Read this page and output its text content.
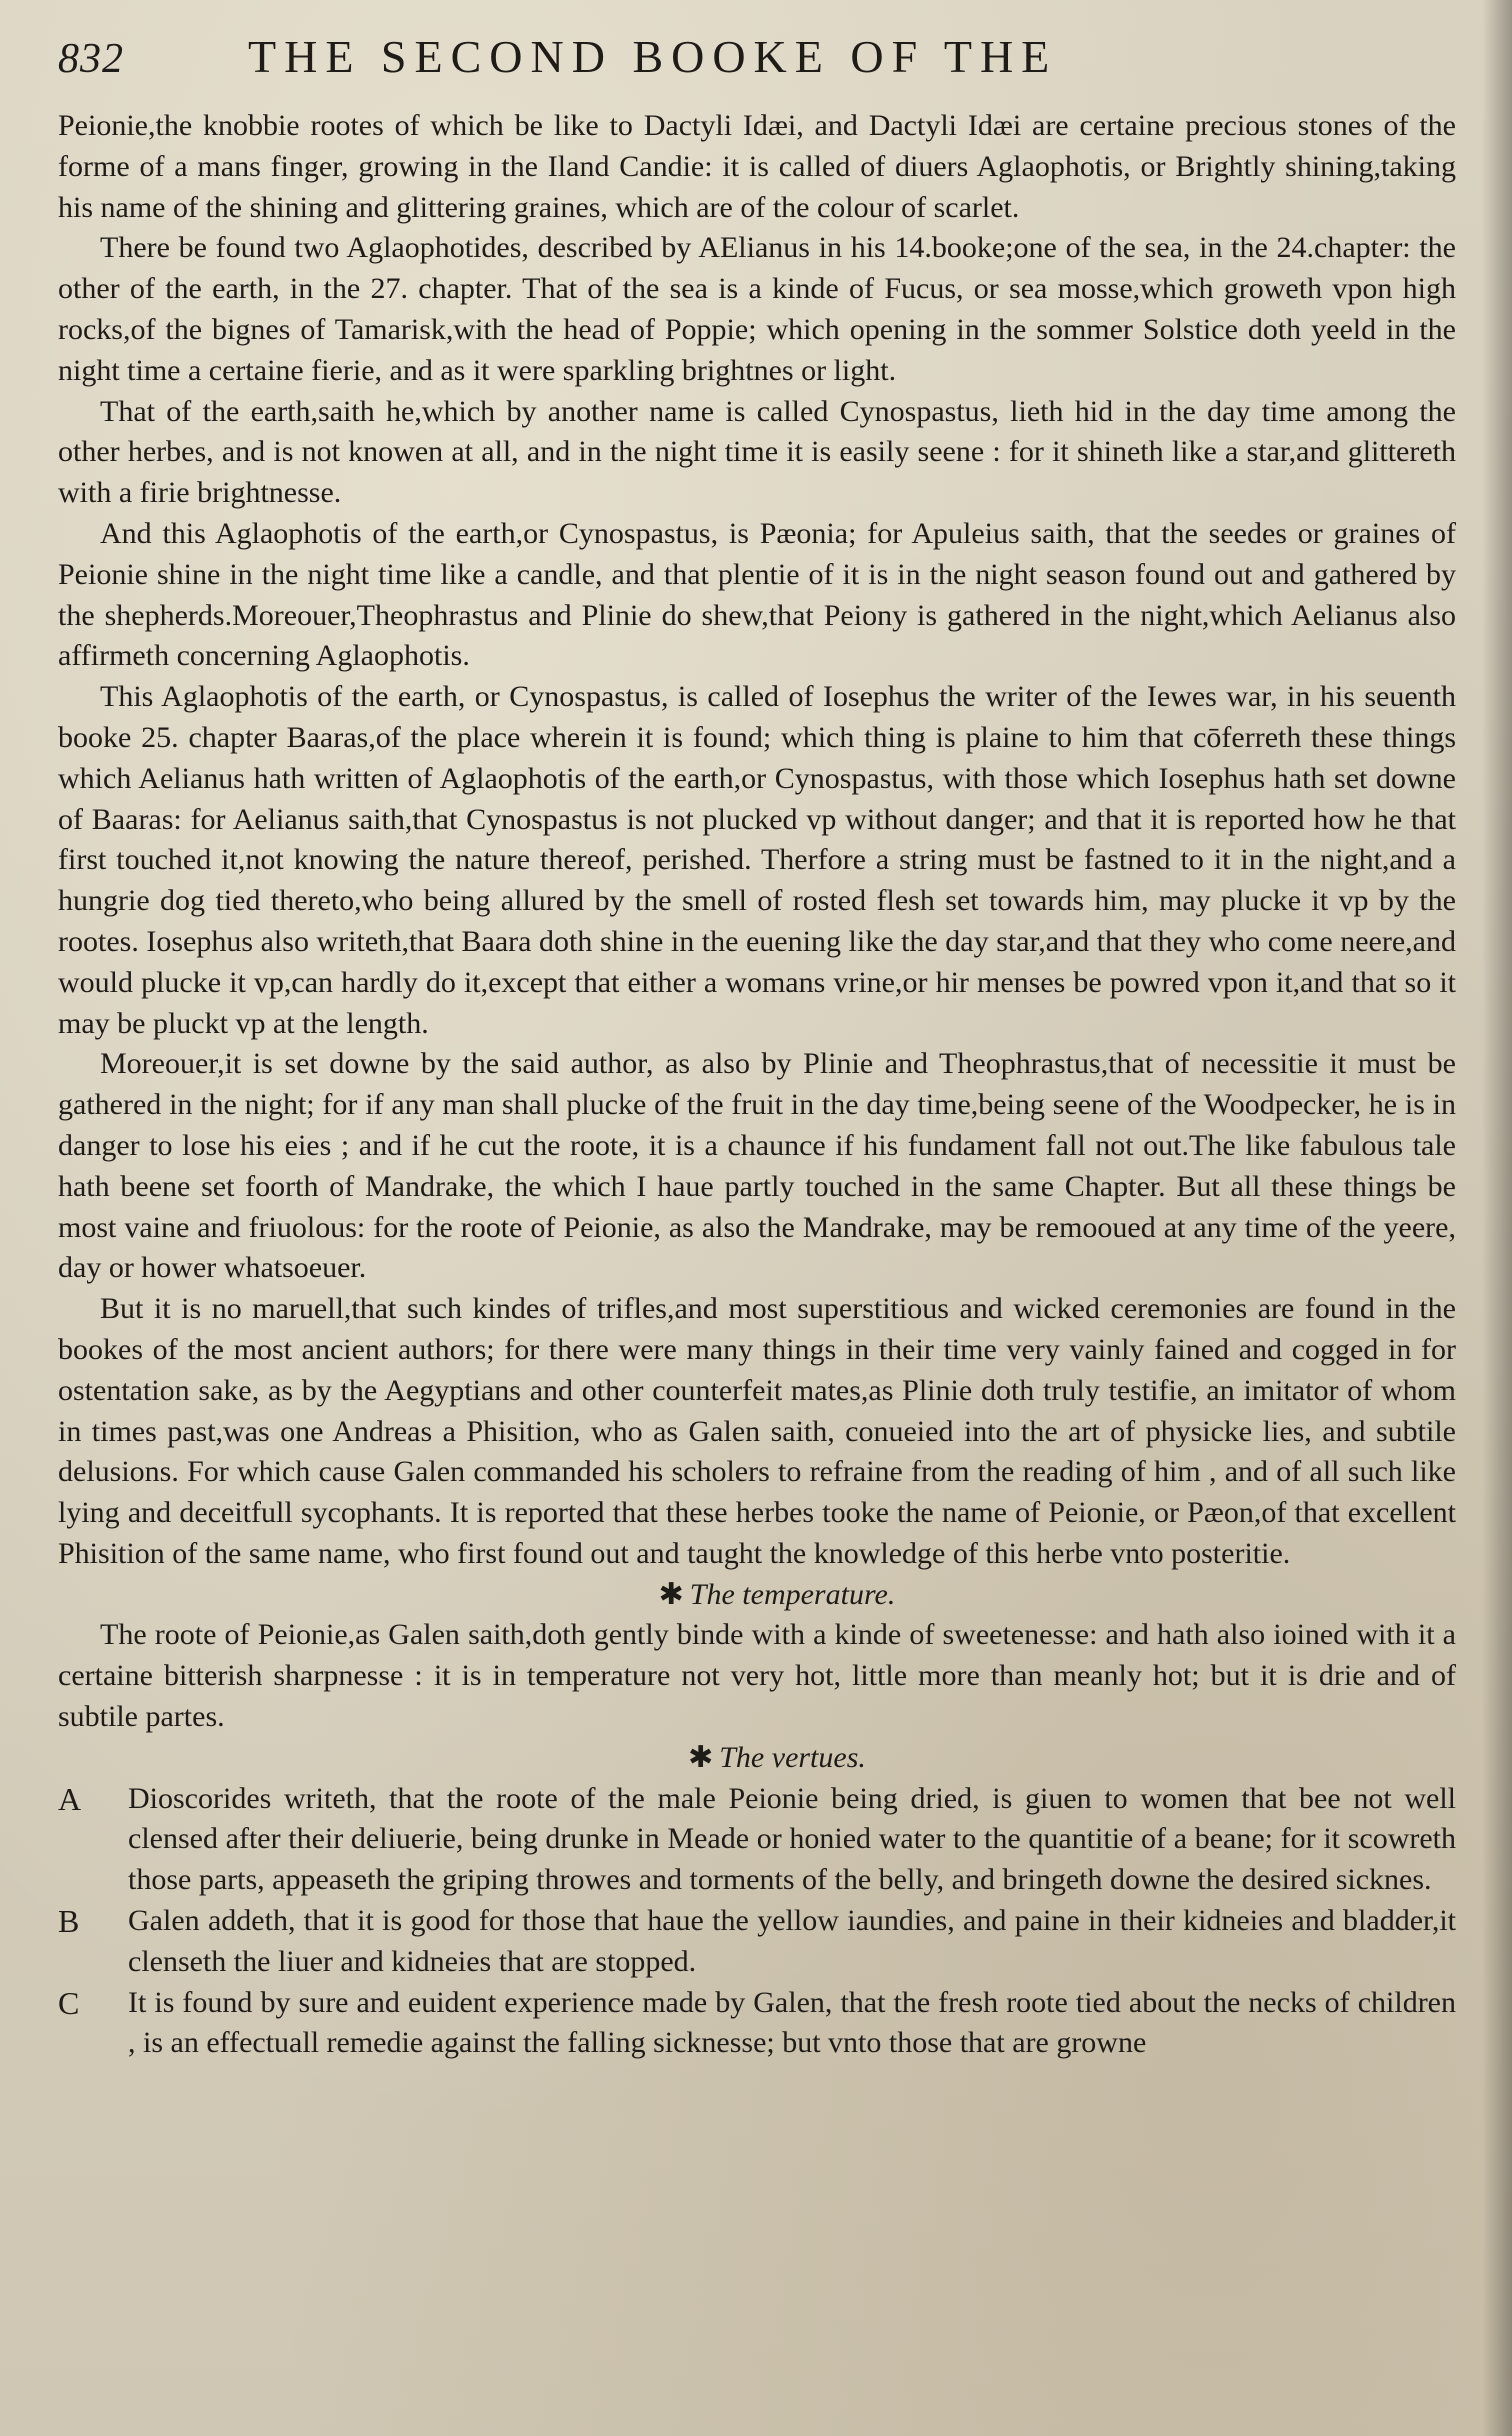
832	THE SECOND BOOKE OF THE

Peionie,the knobbie rootes of which be like to Dactyli Idæi, and Dactyli Idæi are certaine precious stones of the forme of a mans finger, growing in the Iland Candie: it is called of diuers Aglaophotis, or Brightly shining,taking his name of the shining and glittering graines, which are of the colour of scarlet.

There be found two Aglaophotides, described by AElianus in his 14.booke;one of the sea, in the 24.chapter: the other of the earth, in the 27. chapter. That of the sea is a kinde of Fucus, or sea mosse,which groweth vpon high rocks,of the bignes of Tamarisk,with the head of Poppie; which opening in the sommer Solstice doth yeeld in the night time a certaine fierie, and as it were sparkling brightnes or light.

That of the earth,saith he,which by another name is called Cynospastus, lieth hid in the day time among the other herbes, and is not knowen at all, and in the night time it is easily seene : for it shineth like a star,and glittereth with a firie brightnesse.

And this Aglaophotis of the earth,or Cynospastus, is Pæonia; for Apuleius saith, that the seedes or graines of Peionie shine in the night time like a candle, and that plentie of it is in the night season found out and gathered by the shepherds.Moreouer,Theophrastus and Plinie do shew,that Peiony is gathered in the night,which Aelianus also affirmeth concerning Aglaophotis.

This Aglaophotis of the earth, or Cynospastus, is called of Iosephus the writer of the Iewes war, in his seuenth booke 25. chapter Baaras,of the place wherein it is found; which thing is plaine to him that cōferreth these things which Aelianus hath written of Aglaophotis of the earth,or Cynospastus, with those which Iosephus hath set downe of Baaras: for Aelianus saith,that Cynospastus is not plucked vp without danger; and that it is reported how he that first touched it,not knowing the nature thereof, perished. Therfore a string must be fastned to it in the night,and a hungrie dog tied thereto,who being allured by the smell of rosted flesh set towards him, may plucke it vp by the rootes. Iosephus also writeth,that Baara doth shine in the euening like the day star,and that they who come neere,and would plucke it vp,can hardly do it,except that either a womans vrine,or hir menses be powred vpon it,and that so it may be pluckt vp at the length.

Moreouer,it is set downe by the said author, as also by Plinie and Theophrastus,that of necessitie it must be gathered in the night; for if any man shall plucke of the fruit in the day time,being seene of the Woodpecker, he is in danger to lose his eies ; and if he cut the roote, it is a chaunce if his fundament fall not out.The like fabulous tale hath beene set foorth of Mandrake, the which I haue partly touched in the same Chapter. But all these things be most vaine and friuolous: for the roote of Peionie, as also the Mandrake, may be remooued at any time of the yeere, day or hower whatsoeuer.

But it is no maruell,that such kindes of trifles,and most superstitious and wicked ceremonies are found in the bookes of the most ancient authors; for there were many things in their time very vainly fained and cogged in for ostentation sake, as by the Aegyptians and other counterfeit mates,as Plinie doth truly testifie, an imitator of whom in times past,was one Andreas a Phisition, who as Galen saith, conueied into the art of physicke lies, and subtile delusions. For which cause Galen commanded his scholers to refraine from the reading of him , and of all such like lying and deceitfull sycophants. It is reported that these herbes tooke the name of Peionie, or Pæon,of that excellent Phisition of the same name, who first found out and taught the knowledge of this herbe vnto posteritie.

✱ The temperature.

The roote of Peionie,as Galen saith,doth gently binde with a kinde of sweetenesse: and hath also ioined with it a certaine bitterish sharpnesse : it is in temperature not very hot, little more than meanly hot; but it is drie and of subtile partes.

✱ The vertues.

A Dioscorides writeth, that the roote of the male Peionie being dried, is giuen to women that bee not well clensed after their deliuerie, being drunke in Meade or honied water to the quantitie of a beane; for it scowreth those parts, appeaseth the griping throwes and torments of the belly, and bringeth downe the desired sicknes.

B Galen addeth, that it is good for those that haue the yellow iaundies, and paine in their kidneies and bladder,it clenseth the liuer and kidneies that are stopped.

C It is found by sure and euident experience made by Galen, that the fresh roote tied about the necks of children , is an effectuall remedie against the falling sicknesse; but vnto those that are growne
